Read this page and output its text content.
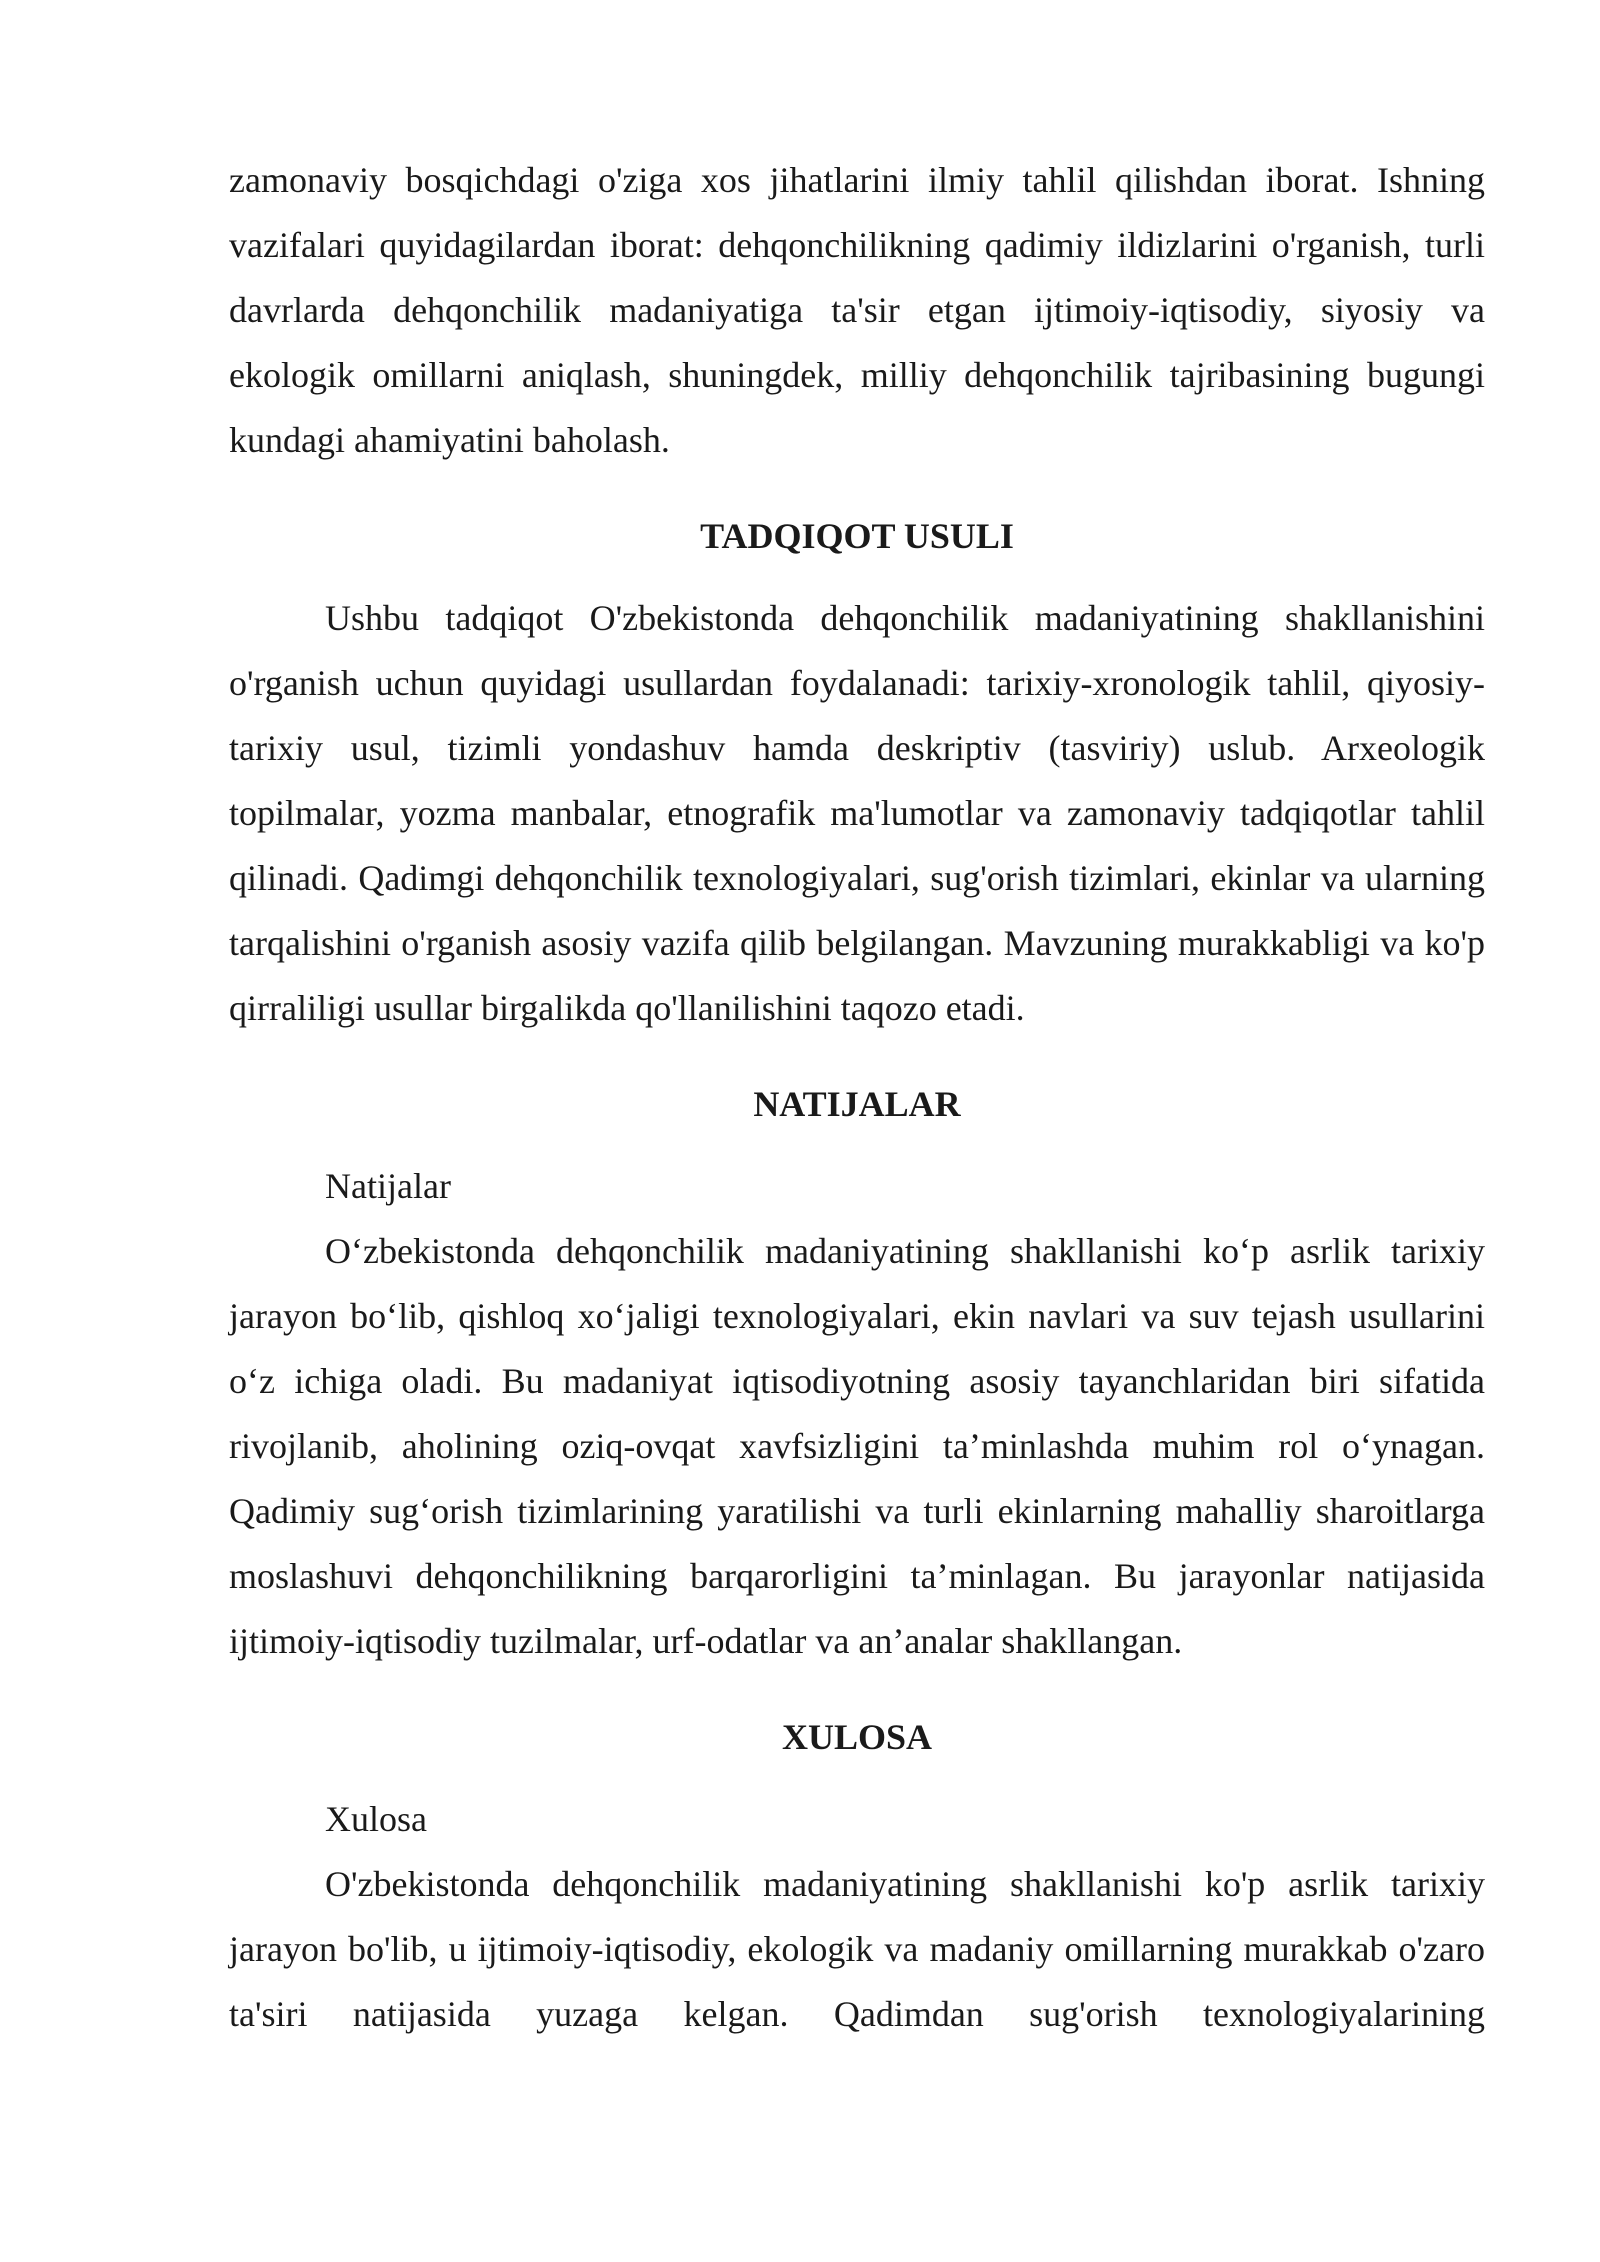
zamonaviy bosqichdagi o'ziga xos jihatlarini ilmiy tahlil qilishdan iborat. Ishning vazifalari quyidagilardan iborat: dehqonchilikning qadimiy ildizlarini o'rganish, turli davrlarda dehqonchilik madaniyatiga ta'sir etgan ijtimoiy-iqtisodiy, siyosiy va ekologik omillarni aniqlash, shuningdek, milliy dehqonchilik tajribasining bugungi kundagi ahamiyatini baholash.

TADQIQOT USULI

Ushbu tadqiqot O'zbekistonda dehqonchilik madaniyatining shakllanishini o'rganish uchun quyidagi usullardan foydalanadi: tarixiy-xronologik tahlil, qiyosiy-tarixiy usul, tizimli yondashuv hamda deskriptiv (tasviriy) uslub. Arxeologik topilmalar, yozma manbalar, etnografik ma'lumotlar va zamonaviy tadqiqotlar tahlil qilinadi. Qadimgi dehqonchilik texnologiyalari, sug'orish tizimlari, ekinlar va ularning tarqalishini o'rganish asosiy vazifa qilib belgilangan. Mavzuning murakkabligi va ko'p qirraliligi usullar birgalikda qo'llanilishini taqozo etadi.

NATIJALAR

Natijalar

O‘zbekistonda dehqonchilik madaniyatining shakllanishi ko‘p asrlik tarixiy jarayon bo‘lib, qishloq xo‘jaligi texnologiyalari, ekin navlari va suv tejash usullarini o‘z ichiga oladi. Bu madaniyat iqtisodiyotning asosiy tayanchlaridan biri sifatida rivojlanib, aholining oziq-ovqat xavfsizligini ta’minlashda muhim rol o‘ynagan. Qadimiy sug‘orish tizimlarining yaratilishi va turli ekinlarning mahalliy sharoitlarga moslashuvi dehqonchilikning barqarorligini ta’minlagan. Bu jarayonlar natijasida ijtimoiy-iqtisodiy tuzilmalar, urf-odatlar va an’analar shakllangan.

XULOSA

Xulosa

O'zbekistonda dehqonchilik madaniyatining shakllanishi ko'p asrlik tarixiy jarayon bo'lib, u ijtimoiy-iqtisodiy, ekologik va madaniy omillarning murakkab o'zaro ta'siri natijasida yuzaga kelgan. Qadimdan sug'orish texnologiyalarining
